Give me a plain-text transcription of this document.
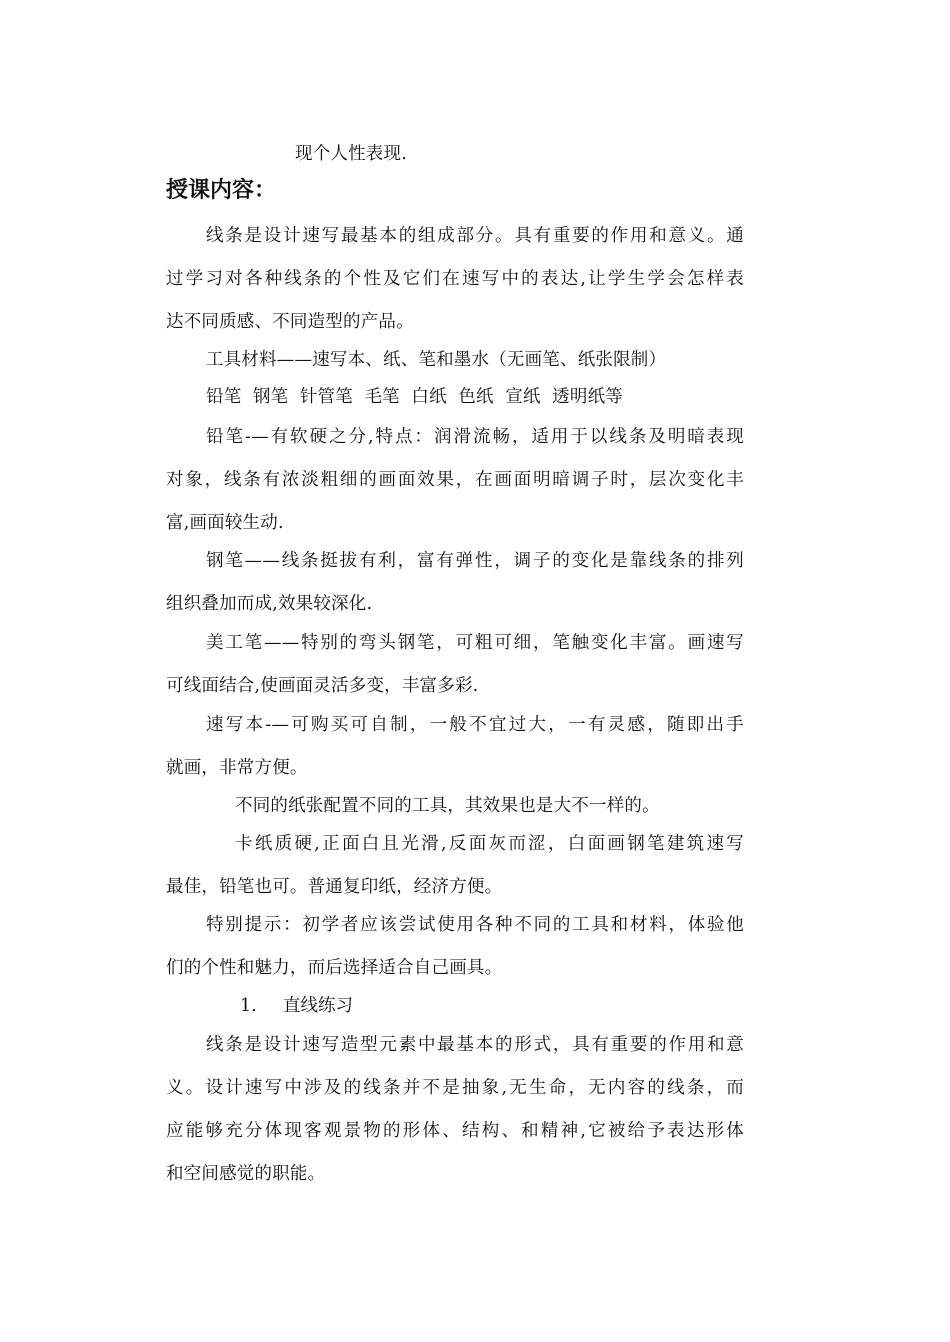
现个人性表现.
授课内容：
线条是设计速写最基本的组成部分。具有重要的作用和意义。通
过学习对各种线条的个性及它们在速写中的表达,让学生学会怎样表
达不同质感、不同造型的产品。
工具材料——速写本、纸、笔和墨水（无画笔、纸张限制）
铅笔  钢笔  针管笔  毛笔  白纸  色纸  宣纸  透明纸等
铅笔-—有软硬之分,特点：润滑流畅，适用于以线条及明暗表现
对象，线条有浓淡粗细的画面效果，在画面明暗调子时，层次变化丰
富,画面较生动.
钢笔——线条挺拔有利，富有弹性，调子的变化是靠线条的排列
组织叠加而成,效果较深化.
美工笔——特别的弯头钢笔，可粗可细，笔触变化丰富。画速写
可线面结合,使画面灵活多变，丰富多彩.
速写本-—可购买可自制，一般不宜过大，一有灵感，随即出手
就画，非常方便。
不同的纸张配置不同的工具，其效果也是大不一样的。
卡纸质硬,正面白且光滑,反面灰而涩，白面画钢笔建筑速写
最佳，铅笔也可。普通复印纸，经济方便。
特别提示：初学者应该尝试使用各种不同的工具和材料，体验他
们的个性和魅力，而后选择适合自己画具。
1. 直线练习
线条是设计速写造型元素中最基本的形式，具有重要的作用和意
义。设计速写中涉及的线条并不是抽象,无生命，无内容的线条，而
应能够充分体现客观景物的形体、结构、和精神,它被给予表达形体
和空间感觉的职能。
